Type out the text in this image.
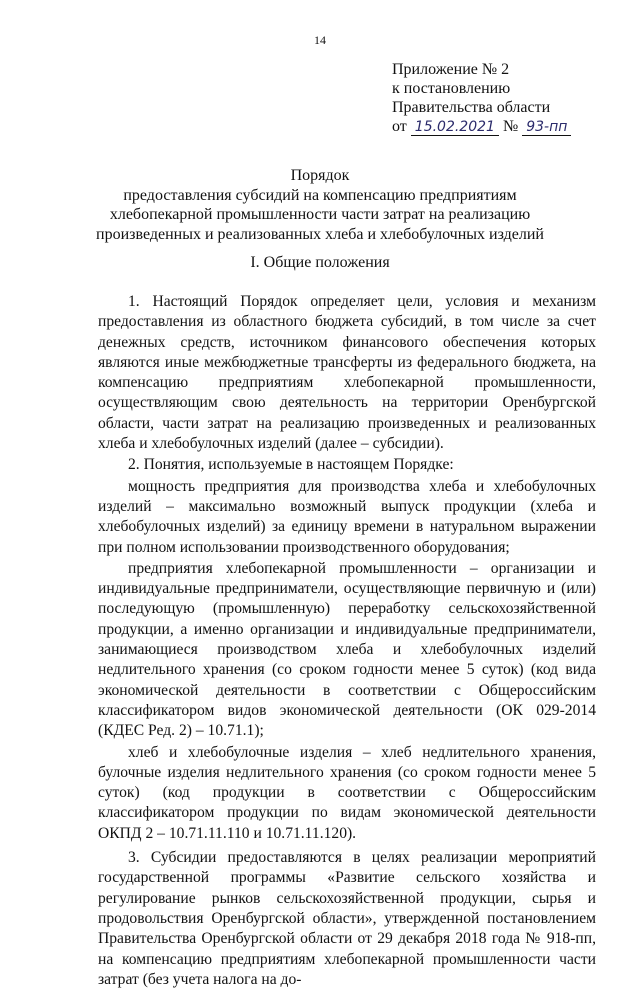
14
Приложение № 2
к постановлению
Правительства области
от 15.02.2021 № 93-пп
Порядок
предоставления субсидий на компенсацию предприятиям
хлебопекарной промышленности части затрат на реализацию
произведенных и реализованных хлеба и хлебобулочных изделий
I. Общие положения

1. Настоящий Порядок определяет цели, условия и механизм предоставления из областного бюджета субсидий, в том числе за счет денежных средств, источником финансового обеспечения которых являются иные межбюджетные трансферты из федерального бюджета, на компенсацию предприятиям хлебопекарной промышленности, осуществляющим свою деятельность на территории Оренбургской области, части затрат на реализацию произведенных и реализованных хлеба и хлебобулочных изделий (далее – субсидии).

2. Понятия, используемые в настоящем Порядке:

мощность предприятия для производства хлеба и хлебобулочных изделий – максимально возможный выпуск продукции (хлеба и хлебобулочных изделий) за единицу времени в натуральном выражении при полном использовании производственного оборудования;

предприятия хлебопекарной промышленности – организации и индивидуальные предприниматели, осуществляющие первичную и (или) последующую (промышленную) переработку сельскохозяйственной продукции, а именно организации и индивидуальные предприниматели, занимающиеся производством хлеба и хлебобулочных изделий недлительного хранения (со сроком годности менее 5 суток) (код вида экономической деятельности в соответствии с Общероссийским классификатором видов экономической деятельности (ОК 029-2014 (КДЕС Ред. 2) – 10.71.1);

хлеб и хлебобулочные изделия – хлеб недлительного хранения, булочные изделия недлительного хранения (со сроком годности менее 5 суток) (код продукции в соответствии с Общероссийским классификатором продукции по видам экономической деятельности ОКПД 2 – 10.71.11.110 и 10.71.11.120).

3. Субсидии предоставляются в целях реализации мероприятий государственной программы «Развитие сельского хозяйства и регулирование рынков сельскохозяйственной продукции, сырья и продовольствия Оренбургской области», утвержденной постановлением Правительства Оренбургской области от 29 декабря 2018 года № 918-пп, на компенсацию предприятиям хлебопекарной промышленности части затрат (без учета налога на до-
